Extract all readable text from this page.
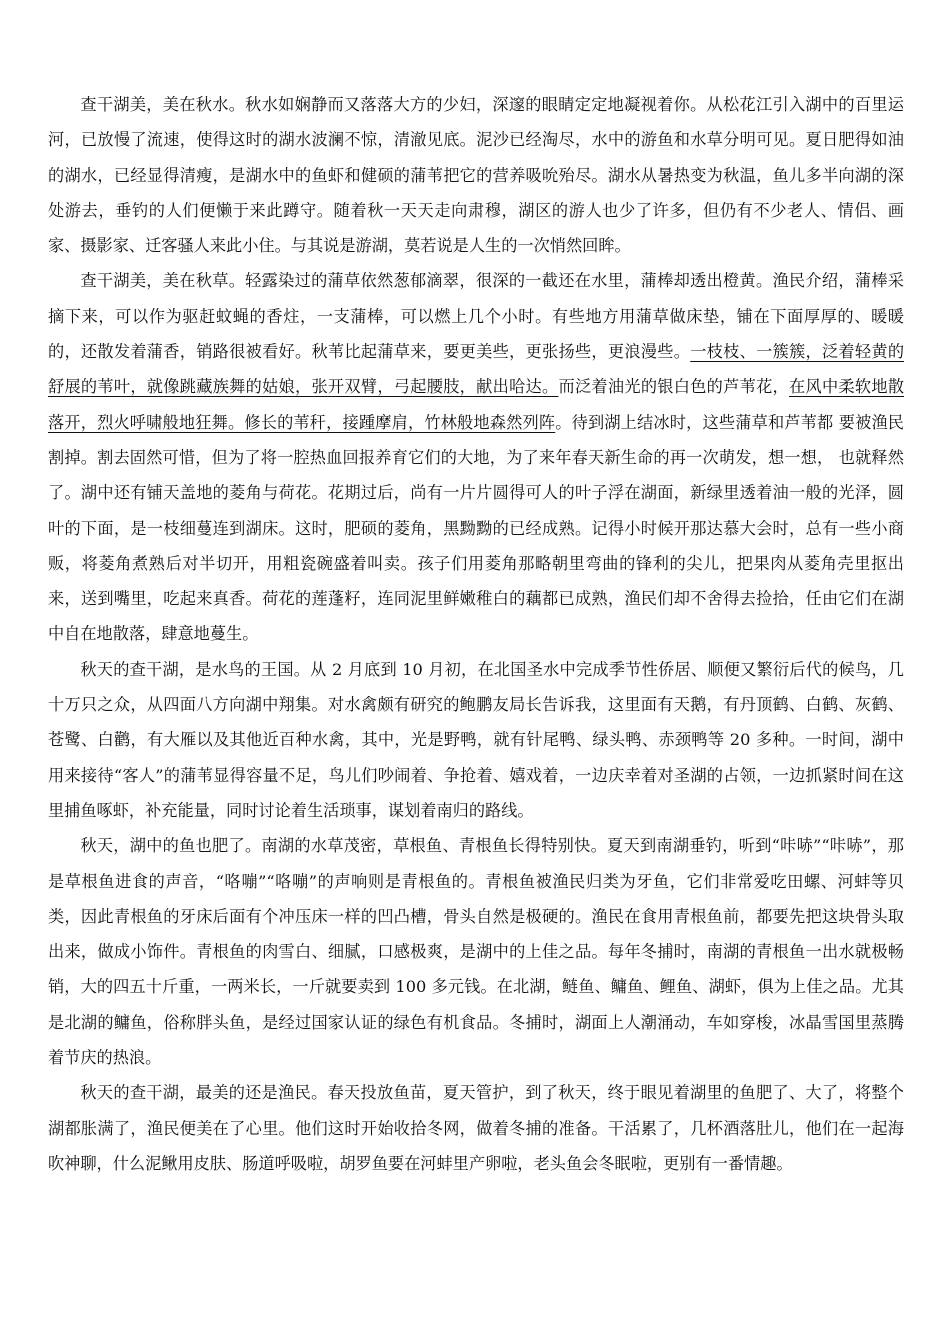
查干湖美，美在秋水。秋水如娴静而又落落大方的少妇，深邃的眼睛定定地凝视着你。从松花江引入湖中的百里运河，已放慢了流速，使得这时的湖水波澜不惊，清澈见底。泥沙已经淘尽，水中的游鱼和水草分明可见。夏日肥得如油的湖水，已经显得清瘦，是湖水中的鱼虾和健硕的蒲苇把它的营养吸吮殆尽。湖水从暑热变为秋温，鱼儿多半向湖的深处游去，垂钓的人们便懒于来此蹲守。随着秋一天天走向肃穆，湖区的游人也少了许多，但仍有不少老人、情侣、画家、摄影家、迁客骚人来此小住。与其说是游湖，莫若说是人生的一次悄然回眸。

查干湖美，美在秋草。轻露染过的蒲草依然葱郁滴翠，很深的一截还在水里，蒲棒却透出橙黄。渔民介绍，蒲棒采摘下来，可以作为驱赶蚊蝇的香炷，一支蒲棒，可以燃上几个小时。有些地方用蒲草做床垫，铺在下面厚厚的、暖暖的，还散发着蒲香，销路很被看好。秋苇比起蒲草来，要更美些，更张扬些，更浪漫些。一枝枝、一簇簇，泛着轻黄的舒展的苇叶，就像跳藏族舞的姑娘，张开双臂，弓起腰肢，献出哈达。而泛着油光的银白色的芦苇花，在风中柔软地散落开，烈火呼啸般地狂舞。修长的苇秆，接踵摩肩，竹林般地森然列阵。待到湖上结冰时，这些蒲草和芦苇都 要被渔民割掉。割去固然可惜，但为了将一腔热血回报养育它们的大地，为了来年春天新生命的再一次萌发，想一想， 也就释然了。湖中还有铺天盖地的菱角与荷花。花期过后，尚有一片片圆得可人的叶子浮在湖面，新绿里透着油一般的光泽，圆叶的下面，是一枝细蔓连到湖床。这时，肥硕的菱角，黑黝黝的已经成熟。记得小时候开那达慕大会时，总有一些小商贩，将菱角煮熟后对半切开，用粗瓷碗盛着叫卖。孩子们用菱角那略朝里弯曲的锋利的尖儿，把果肉从菱角壳里抠出来，送到嘴里，吃起来真香。荷花的莲蓬籽，连同泥里鲜嫩稚白的藕都已成熟，渔民们却不舍得去捡拾，任由它们在湖中自在地散落，肆意地蔓生。

秋天的查干湖，是水鸟的王国。从 2 月底到 10 月初，在北国圣水中完成季节性侨居、顺便又繁衍后代的候鸟，几十万只之众，从四面八方向湖中翔集。对水禽颇有研究的鲍鹏友局长告诉我，这里面有天鹅，有丹顶鹤、白鹤、灰鹤、苍鹭、白鹳，有大雁以及其他近百种水禽，其中，光是野鸭，就有针尾鸭、绿头鸭、赤颈鸭等 20 多种。一时间，湖中用来接待“客人”的蒲苇显得容量不足，鸟儿们吵闹着、争抢着、嬉戏着，一边庆幸着对圣湖的占领，一边抓紧时间在这里捕鱼啄虾，补充能量，同时讨论着生活琐事，谋划着南归的路线。

秋天，湖中的鱼也肥了。南湖的水草茂密，草根鱼、青根鱼长得特别快。夏天到南湖垂钓，听到“咔哧”“咔哧”，那是草根鱼进食的声音，“咯嘣”“咯嘣”的声响则是青根鱼的。青根鱼被渔民归类为牙鱼，它们非常爱吃田螺、河蚌等贝类，因此青根鱼的牙床后面有个冲压床一样的凹凸槽，骨头自然是极硬的。渔民在食用青根鱼前，都要先把这块骨头取出来，做成小饰件。青根鱼的肉雪白、细腻，口感极爽，是湖中的上佳之品。每年冬捕时，南湖的青根鱼一出水就极畅销，大的四五十斤重，一两米长，一斤就要卖到 100 多元钱。在北湖，鲢鱼、鳙鱼、鲤鱼、湖虾，俱为上佳之品。尤其是北湖的鳙鱼，俗称胖头鱼，是经过国家认证的绿色有机食品。冬捕时，湖面上人潮涌动，车如穿梭，冰晶雪国里蒸腾着节庆的热浪。

秋天的查干湖，最美的还是渔民。春天投放鱼苗，夏天管护，到了秋天，终于眼见着湖里的鱼肥了、大了，将整个湖都胀满了，渔民便美在了心里。他们这时开始收拾冬网，做着冬捕的准备。干活累了，几杯酒落肚儿，他们在一起海吹神聊，什么泥鳅用皮肤、肠道呼吸啦，胡罗鱼要在河蚌里产卵啦，老头鱼会冬眠啦，更别有一番情趣。
